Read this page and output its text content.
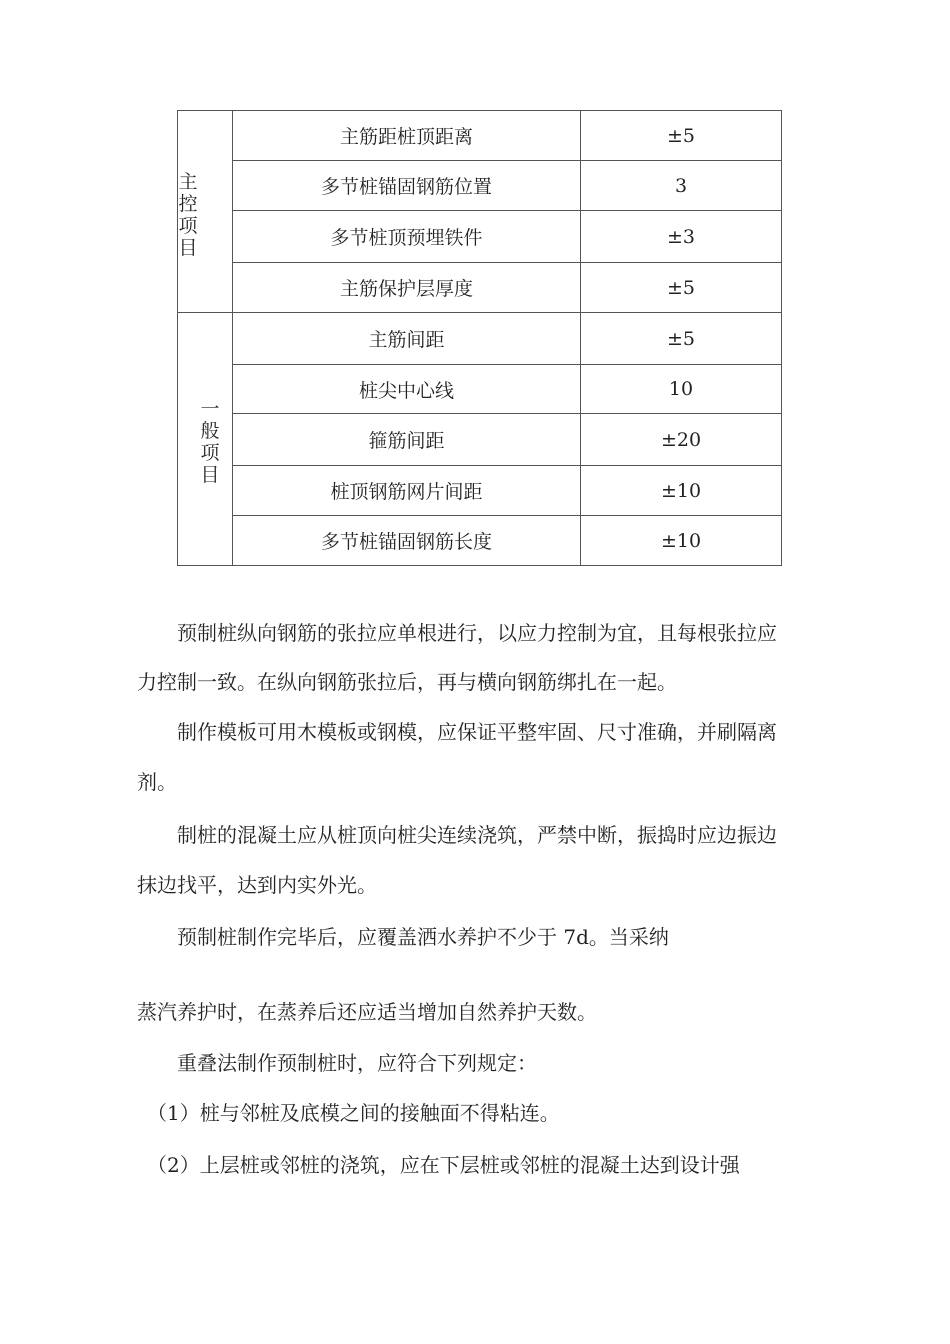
主
控
项
目	主筋距桩顶距离	±5
	多节桩锚固钢筋位置	3
	多节桩顶预埋铁件	±3
	主筋保护层厚度	±5

一
般
项
目	主筋间距	±5
	桩尖中心线	10
	箍筋间距	±20
	桩顶钢筋网片间距	±10
	多节桩锚固钢筋长度	±10

　　预制桩纵向钢筋的张拉应单根进行，以应力控制为宜，且每根张拉应

力控制一致。在纵向钢筋张拉后，再与横向钢筋绑扎在一起。

　　制作模板可用木模板或钢模，应保证平整牢固、尺寸准确，并刷隔离

剂。

　　制桩的混凝土应从桩顶向桩尖连续浇筑，严禁中断，振捣时应边振边

抹边找平，达到内实外光。

　　预制桩制作完毕后，应覆盖洒水养护不少于 7d。当采纳

蒸汽养护时，在蒸养后还应适当增加自然养护天数。

　　重叠法制作预制桩时，应符合下列规定：

　（1）桩与邻桩及底模之间的接触面不得粘连。

　（2）上层桩或邻桩的浇筑，应在下层桩或邻桩的混凝土达到设计强
